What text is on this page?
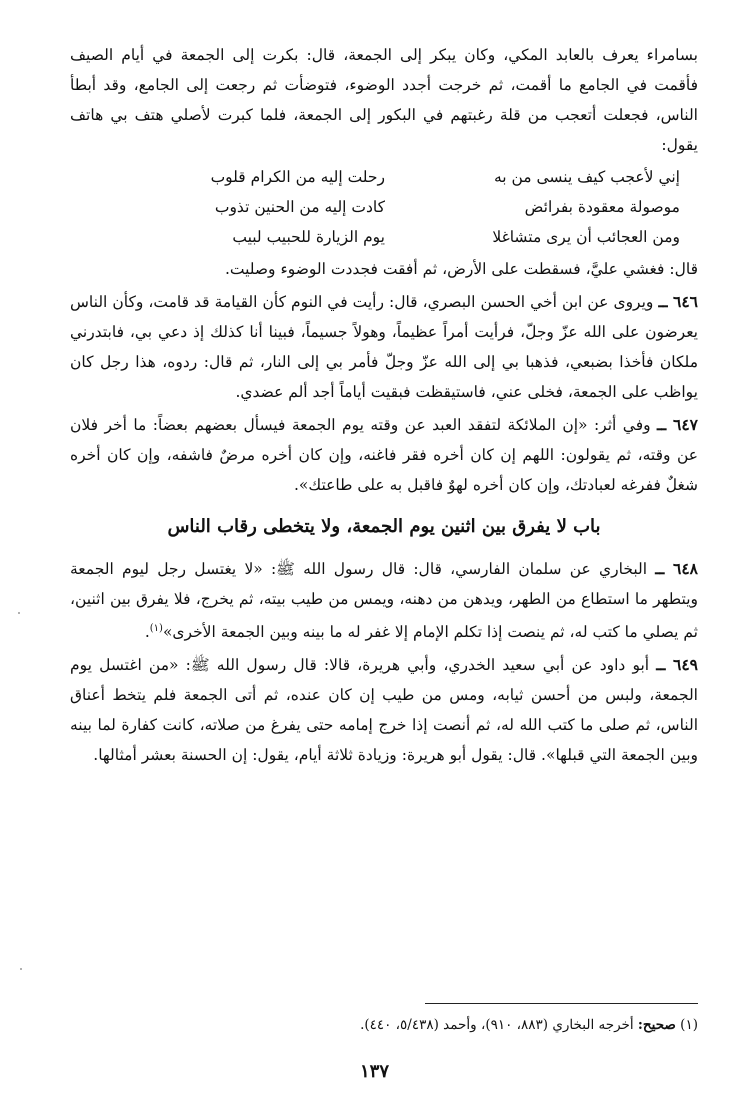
بسامراء يعرف بالعابد المكي، وكان يبكر إلى الجمعة، قال: بكرت إلى الجمعة في أيام الصيف فأقمت في الجامع ما أقمت، ثم خرجت أجدد الوضوء، فتوضأت ثم رجعت إلى الجامع، وقد أبطأ الناس، فجعلت أتعجب من قلة رغبتهم في البكور إلى الجمعة، فلما كبرت لأصلي هتف بي هاتف يقول:

إني لأعجب كيف ينسى من به
رحلت إليه من الكرام قلوب
موصولة معقودة بفرائض
كادت إليه من الحنين تذوب
ومن العجائب أن يرى متشاغلا
يوم الزيارة للحبيب لبيب

قال: فغشي عليَّ، فسقطت على الأرض، ثم أفقت فجددت الوضوء وصليت.

٦٤٦ ــ ويروى عن ابن أخي الحسن البصري، قال: رأيت في النوم كأن القيامة قد قامت، وكأن الناس يعرضون على الله عزّ وجلّ، فرأيت أمراً عظيماً، وهولاً جسيماً، فبينا أنا كذلك إذ دعي بي، فابتدرني ملكان فأخذا بضبعي، فذهبا بي إلى الله عزّ وجلّ فأمر بي إلى النار، ثم قال: ردوه، هذا رجل كان يواظب على الجمعة، فخلى عني، فاستيقظت فبقيت أياماً أجد ألم عضدي.

٦٤٧ ــ وفي أثر: «إن الملائكة لتفقد العبد عن وقته يوم الجمعة فيسأل بعضهم بعضاً: ما أخر فلان عن وقته، ثم يقولون: اللهم إن كان أخره فقر فاغنه، وإن كان أخره مرضٌ فاشفه، وإن كان أخره شغلٌ ففرغه لعبادتك، وإن كان أخره لهوٌ فاقبل به على طاعتك».

باب لا يفرق بين اثنين يوم الجمعة، ولا يتخطى رقاب الناس

٦٤٨ ــ البخاري عن سلمان الفارسي، قال: قال رسول الله ﷺ: «لا يغتسل رجل ليوم الجمعة ويتطهر ما استطاع من الطهر، ويدهن من دهنه، ويمس من طيب بيته، ثم يخرج، فلا يفرق بين اثنين، ثم يصلي ما كتب له، ثم ينصت إذا تكلم الإمام إلا غفر له ما بينه وبين الجمعة الأخرى»$^{(١)}$.

٦٤٩ ــ أبو داود عن أبي سعيد الخدري، وأبي هريرة، قالا: قال رسول الله ﷺ: «من اغتسل يوم الجمعة، ولبس من أحسن ثيابه، ومس من طيب إن كان عنده، ثم أتى الجمعة فلم يتخط أعناق الناس، ثم صلى ما كتب الله له، ثم أنصت إذا خرج إمامه حتى يفرغ من صلاته، كانت كفارة لما بينه وبين الجمعة التي قبلها». قال: يقول أبو هريرة: وزيادة ثلاثة أيام، يقول: إن الحسنة بعشر أمثالها.

(١) صحيح: أخرجه البخاري (٨٨٣، ٩١٠)، وأحمد (٥/٤٣٨، ٤٤٠).
١٣٧
